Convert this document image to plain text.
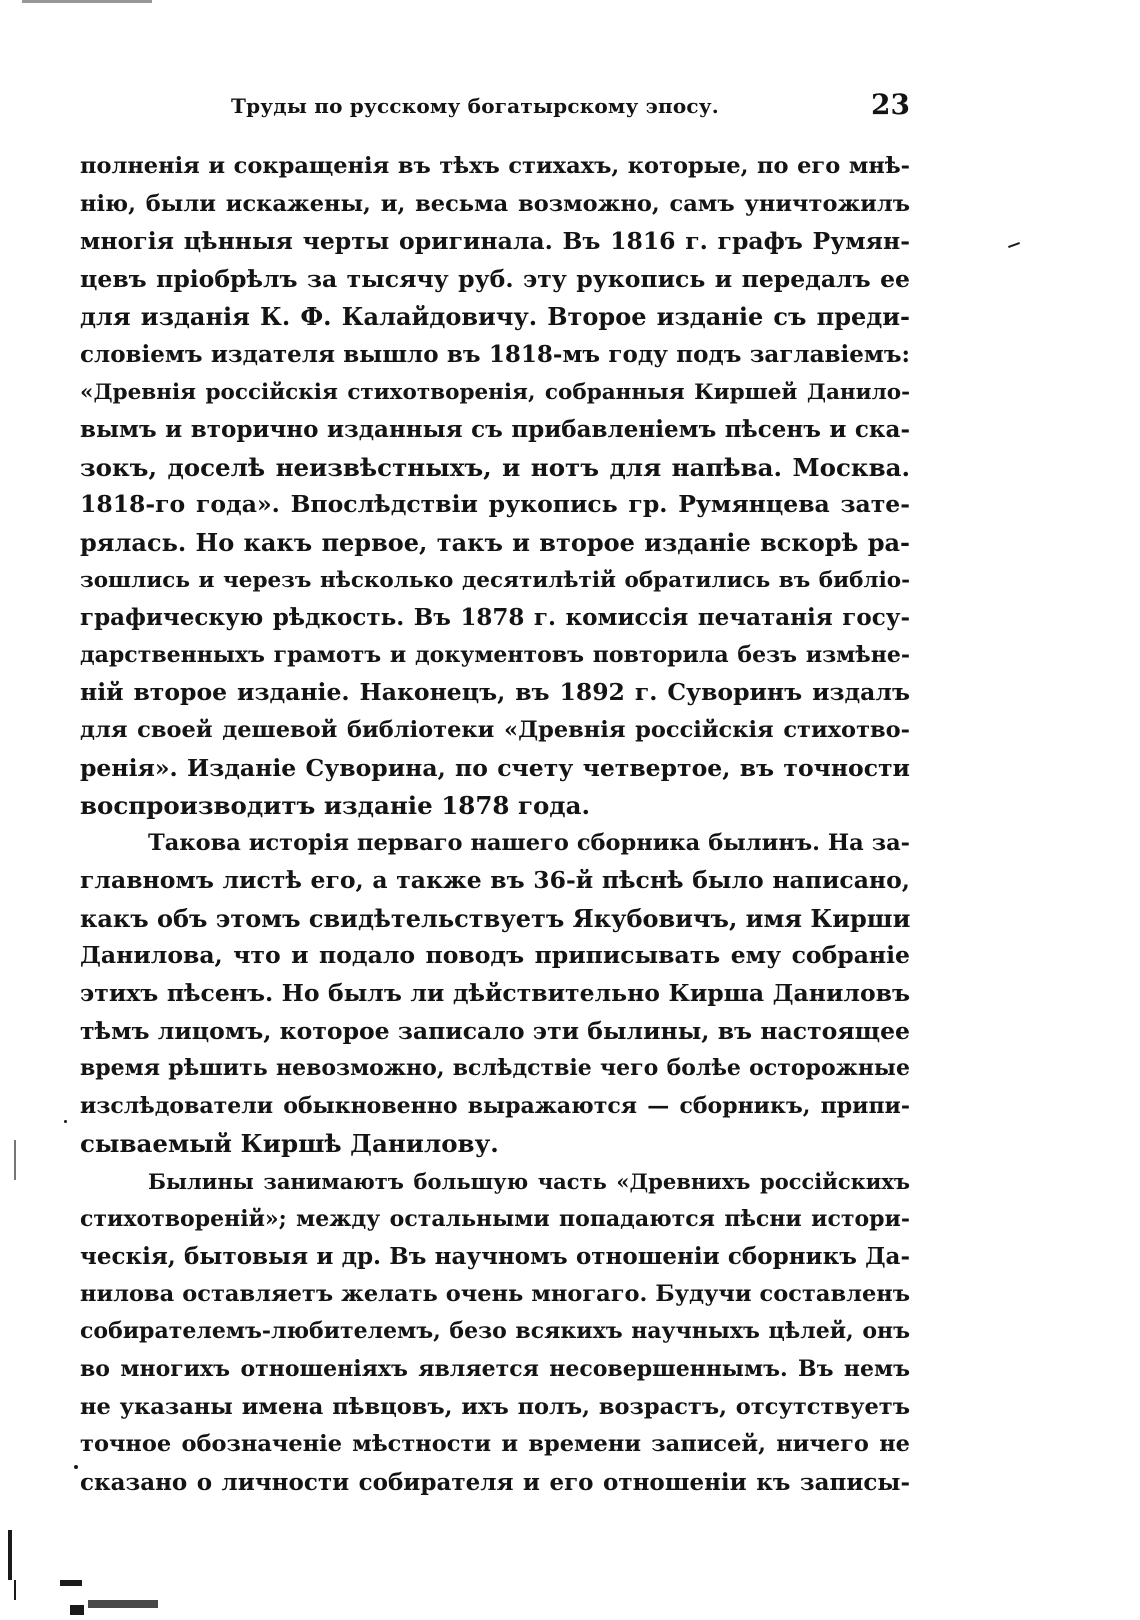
Труды по русскому богатырскому эпосу.	23
полненія и сокращенія въ тѣхъ стихахъ, которые, по его мнѣ-
нію, были искажены, и, весьма возможно, самъ уничтожилъ
многія цѣнныя черты оригинала. Въ 1816 г. графъ Румян-
цевъ пріобрѣлъ за тысячу руб. эту рукопись и передалъ ее
для изданія К. Ф. Калайдовичу. Второе изданіе съ преди-
словіемъ издателя вышло въ 1818-мъ году подъ заглавіемъ:
«Древнія россійскія стихотворенія, собранныя Киршей Данило-
вымъ и вторично изданныя съ прибавленіемъ пѣсенъ и ска-
зокъ, доселѣ неизвѣстныхъ, и нотъ для напѣва. Москва.
1818-го года». Впослѣдствіи рукопись гр. Румянцева зате-
рялась. Но какъ первое, такъ и второе изданіе вскорѣ ра-
зошлись и черезъ нѣсколько десятилѣтій обратились въ библіо-
графическую рѣдкость. Въ 1878 г. комиссія печатанія госу-
дарственныхъ грамотъ и документовъ повторила безъ измѣне-
ній второе изданіе. Наконецъ, въ 1892 г. Суворинъ издалъ
для своей дешевой библіотеки «Древнія россійскія стихотво-
ренія». Изданіе Суворина, по счету четвертое, въ точности
воспроизводитъ изданіе 1878 года.
Такова исторія перваго нашего сборника былинъ. На за-
главномъ листѣ его, а также въ 36-й пѣснѣ было написано,
какъ объ этомъ свидѣтельствуетъ Якубовичъ, имя Кирши
Данилова, что и подало поводъ приписывать ему собраніе
этихъ пѣсенъ. Но былъ ли дѣйствительно Кирша Даниловъ
тѣмъ лицомъ, которое записало эти былины, въ настоящее
время рѣшить невозможно, вслѣдствіе чего болѣе осторожные
изслѣдователи обыкновенно выражаются — сборникъ, припи-
сываемый Киршѣ Данилову.
Былины занимаютъ большую часть «Древнихъ россійскихъ
стихотвореній»; между остальными попадаются пѣсни истори-
ческія, бытовыя и др. Въ научномъ отношеніи сборникъ Да-
нилова оставляетъ желать очень многаго. Будучи составленъ
собирателемъ-любителемъ, безо всякихъ научныхъ цѣлей, онъ
во многихъ отношеніяхъ является несовершеннымъ. Въ немъ
не указаны имена пѣвцовъ, ихъ полъ, возрастъ, отсутствуетъ
точное обозначеніе мѣстности и времени записей, ничего не
сказано о личности собирателя и его отношеніи къ записы-
